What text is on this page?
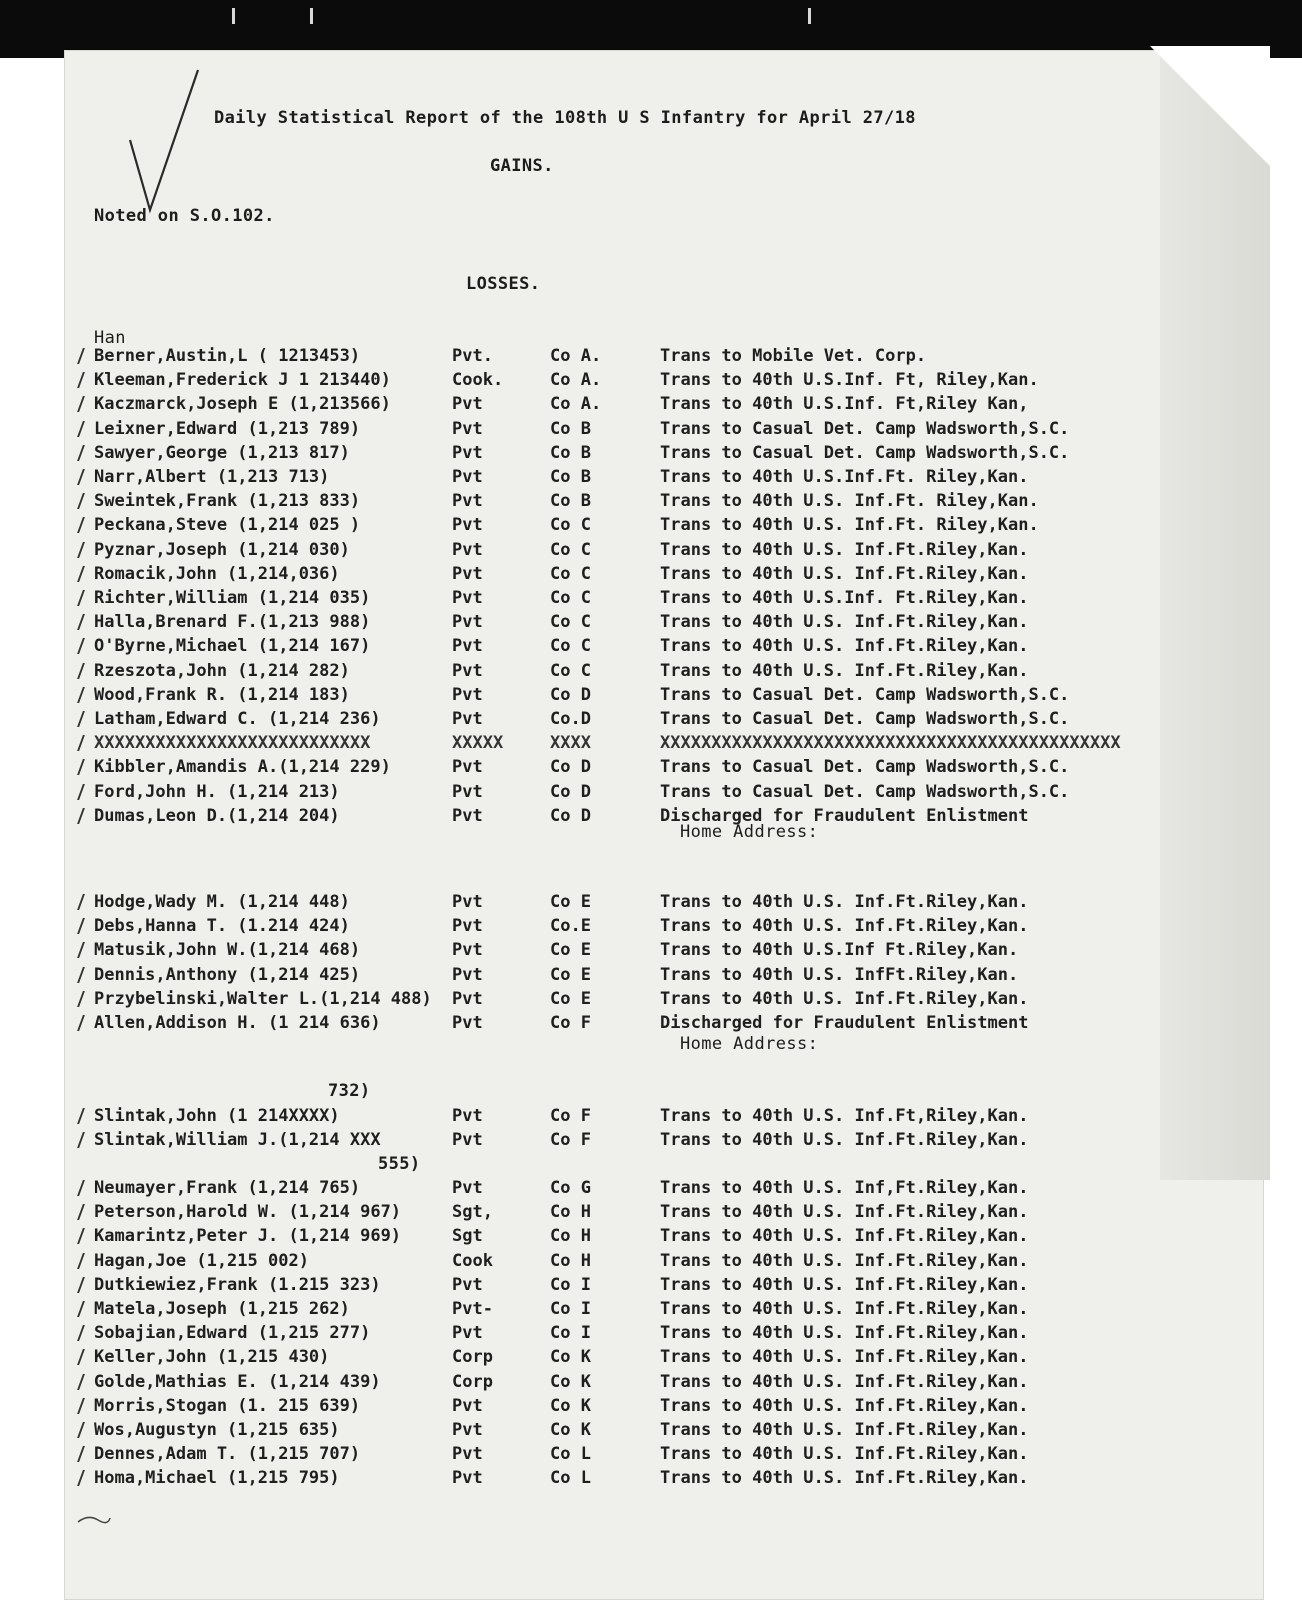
Daily Statistical Report of the 108th U S Infantry for April 27/18
GAINS.
Noted on S.O.102.
LOSSES.
Han
Berner,Austin,L ( 1213453)	Pvt.	Co A.	Trans to Mobile Vet. Corp.
Kleeman,Frederick J 1 213440)	Cook.	Co A.	Trans to 40th U.S.Inf. Ft, Riley,Kan.
Kaczmarck,Joseph E (1,213566)	Pvt	Co A.	Trans to 40th U.S.Inf. Ft,Riley Kan,
Leixner,Edward (1,213 789)	Pvt	Co B	Trans to Casual Det. Camp Wadsworth,S.C.
Sawyer,George (1,213 817)	Pvt	Co B	Trans to Casual Det. Camp Wadsworth,S.C.
Narr,Albert (1,213 713)	Pvt	Co B	Trans to 40th U.S.Inf.Ft. Riley,Kan.
Sweintek,Frank (1,213 833)	Pvt	Co B	Trans to 40th U.S. Inf.Ft. Riley,Kan.
Peckana,Steve (1,214 025 )	Pvt	Co C	Trans to 40th U.S. Inf.Ft. Riley,Kan.
Pyznar,Joseph (1,214 030)	Pvt	Co C	Trans to 40th U.S. Inf.Ft.Riley,Kan.
Romacik,John (1,214,036)	Pvt	Co C	Trans to 40th U.S. Inf.Ft.Riley,Kan.
Richter,William (1,214 035)	Pvt	Co C	Trans to 40th U.S.Inf. Ft.Riley,Kan.
Halla,Brenard F.(1,213 988)	Pvt	Co C	Trans to 40th U.S. Inf.Ft.Riley,Kan.
O'Byrne,Michael (1,214 167)	Pvt	Co C	Trans to 40th U.S. Inf.Ft.Riley,Kan.
Rzeszota,John (1,214 282)	Pvt	Co C	Trans to 40th U.S. Inf.Ft.Riley,Kan.
Wood,Frank R. (1,214 183)	Pvt	Co D	Trans to Casual Det. Camp Wadsworth,S.C.
Latham,Edward C. (1,214 236)	Pvt	Co.D	Trans to Casual Det. Camp Wadsworth,S.C.
XXXXXXXXXXXXXXXXXXXXXXXXXXX	XXXXX	XXXX	XXXXXXXXXXXXXXXXXXXXXXXXXXXXXXXXXXXXXXXXXXXXX
Kibbler,Amandis A.(1,214 229)	Pvt	Co D	Trans to Casual Det. Camp Wadsworth,S.C.
Ford,John H. (1,214 213)	Pvt	Co D	Trans to Casual Det. Camp Wadsworth,S.C.
Dumas,Leon D.(1,214 204)	Pvt	Co D	Discharged for Fraudulent Enlistment
Hodge,Wady M. (1,214 448)	Pvt	Co E	Trans to 40th U.S. Inf.Ft.Riley,Kan.
Debs,Hanna T. (1.214 424)	Pvt	Co.E	Trans to 40th U.S. Inf.Ft.Riley,Kan.
Matusik,John W.(1,214 468)	Pvt	Co E	Trans to 40th U.S.Inf Ft.Riley,Kan.
Dennis,Anthony (1,214 425)	Pvt	Co E	Trans to 40th U.S. InfFt.Riley,Kan.
Przybelinski,Walter L.(1,214 488) Pvt	Co E	Trans to 40th U.S. Inf.Ft.Riley,Kan.
Allen,Addison H. (1 214 636)	Pvt	Co F	Discharged for Fraudulent Enlistment
Slintak,John (1 214XXXX)	Pvt	Co F	Trans to 40th U.S. Inf.Ft,Riley,Kan.
Slintak,William J.(1,214 XXX	Pvt	Co F	Trans to 40th U.S. Inf.Ft.Riley,Kan.
Neumayer,Frank (1,214 765)	Pvt	Co G	Trans to 40th U.S. Inf,Ft.Riley,Kan.
Peterson,Harold W. (1,214 967)	Sgt,	Co H	Trans to 40th U.S. Inf.Ft.Riley,Kan.
Kamarintz,Peter J. (1,214 969)	Sgt	Co H	Trans to 40th U.S. Inf.Ft.Riley,Kan.
Hagan,Joe (1,215 002)	Cook	Co H	Trans to 40th U.S. Inf.Ft.Riley,Kan.
Dutkiewiez,Frank (1.215 323)	Pvt	Co I	Trans to 40th U.S. Inf.Ft.Riley,Kan.
Matela,Joseph (1,215 262)	Pvt-	Co I	Trans to 40th U.S. Inf.Ft.Riley,Kan.
Sobajian,Edward (1,215 277)	Pvt	Co I	Trans to 40th U.S. Inf.Ft.Riley,Kan.
Keller,John (1,215 430)	Corp	Co K	Trans to 40th U.S. Inf.Ft.Riley,Kan.
Golde,Mathias E. (1,214 439)	Corp	Co K	Trans to 40th U.S. Inf.Ft.Riley,Kan.
Morris,Stogan (1. 215 639)	Pvt	Co K	Trans to 40th U.S. Inf.Ft.Riley,Kan.
Wos,Augustyn (1,215 635)	Pvt	Co K	Trans to 40th U.S. Inf.Ft.Riley,Kan.
Dennes,Adam T. (1,215 707)	Pvt	Co L	Trans to 40th U.S. Inf.Ft.Riley,Kan.
Homa,Michael (1,215 795)	Pvt	Co L	Trans to 40th U.S. Inf.Ft.Riley,Kan.
Home Address:
Home Address:
732)
555)
